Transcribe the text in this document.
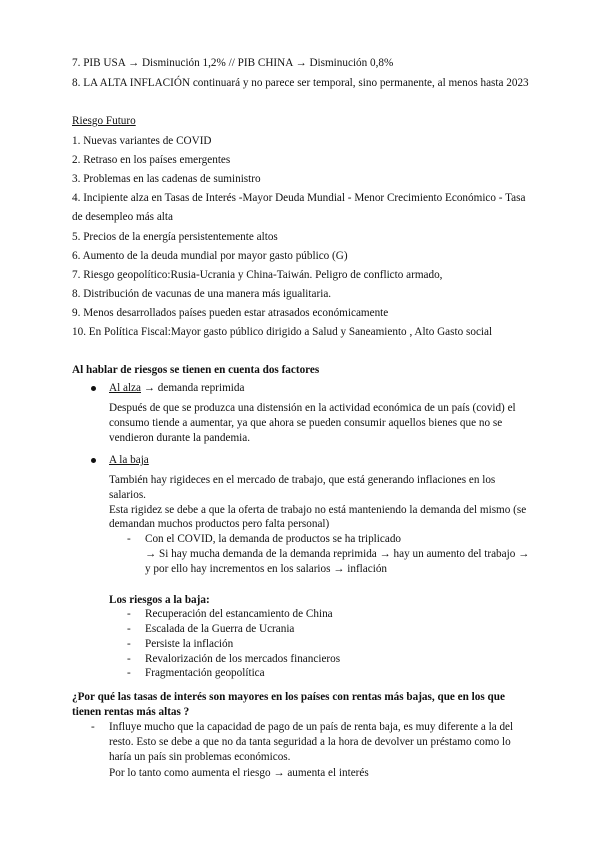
7. PIB USA → Disminución 1,2% // PIB CHINA → Disminución 0,8%
8. LA ALTA INFLACIÓN continuará y no parece ser temporal, sino permanente, al menos hasta 2023
Riesgo Futuro
1. Nuevas variantes de COVID
2. Retraso en los países emergentes
3. Problemas en las cadenas de suministro
4. Incipiente alza en Tasas de Interés -Mayor Deuda Mundial - Menor Crecimiento Económico - Tasa
de desempleo más alta
5. Precios de la energía persistentemente altos
6. Aumento de la deuda mundial por mayor gasto público (G)
7. Riesgo geopolítico:Rusia-Ucrania y China-Taiwán. Peligro de conflicto armado,
8. Distribución de vacunas de una manera más igualitaria.
9. Menos desarrollados países pueden estar atrasados económicamente
10. En Política Fiscal:Mayor gasto público dirigido a Salud y Saneamiento , Alto Gasto social
Al hablar de riesgos se tienen en cuenta dos factores
Al alza → demanda reprimida
Después de que se produzca una distensión en la actividad económica de un país (covid) el
consumo tiende a aumentar, ya que ahora se pueden consumir aquellos bienes que no se
vendieron durante la pandemia.
A la baja
También hay rigideces en el mercado de trabajo, que está generando inflaciones en los
salarios.
Esta rigidez se debe a que la oferta de trabajo no está manteniendo la demanda del mismo (se
demandan muchos productos pero falta personal)
- Con el COVID, la demanda de productos se ha triplicado
→ Si hay mucha demanda de la demanda reprimida → hay un aumento del trabajo →
y por ello hay incrementos en los salarios → inflación
Los riesgos a la baja:
- Recuperación del estancamiento de China
- Escalada de la Guerra de Ucrania
- Persiste la inflación
- Revalorización de los mercados financieros
- Fragmentación geopolítica
¿Por qué las tasas de interés son mayores en los países con rentas más bajas, que en los que
tienen rentas más altas ?
- Influye mucho que la capacidad de pago de un país de renta baja, es muy diferente a la del
resto. Esto se debe a que no da tanta seguridad a la hora de devolver un préstamo como lo
haría un país sin problemas económicos.
Por lo tanto como aumenta el riesgo → aumenta el interés
